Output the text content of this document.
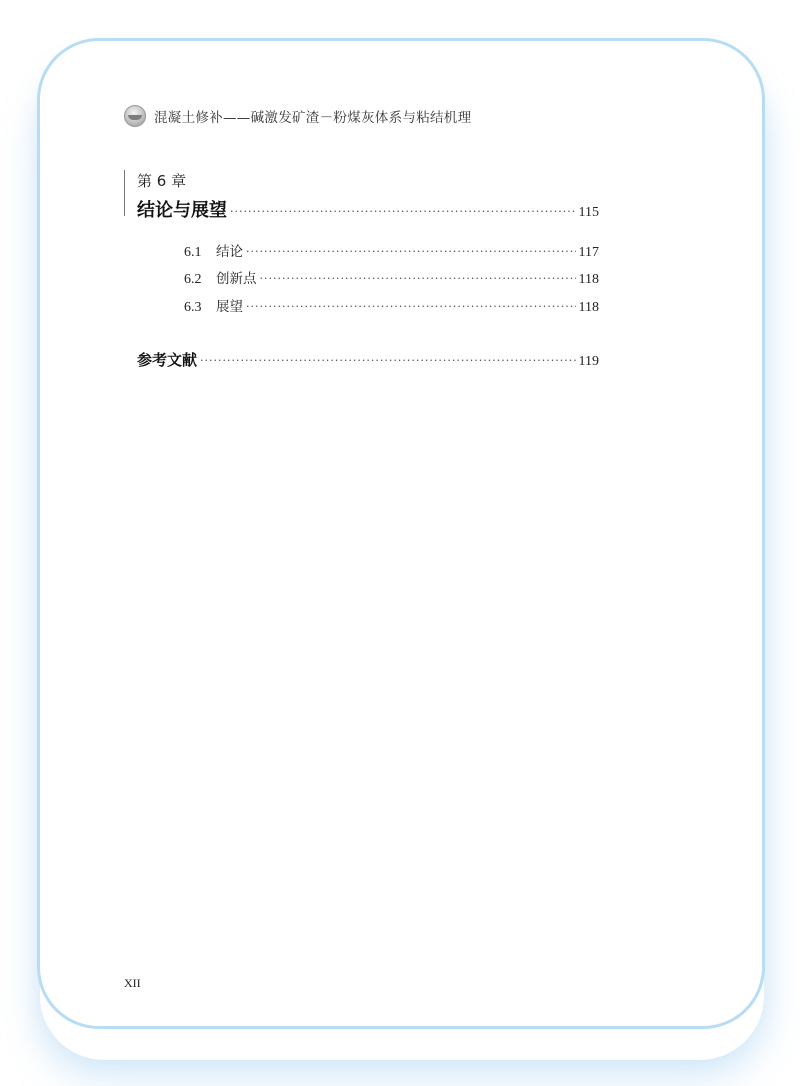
混凝土修补——碱激发矿渣－粉煤灰体系与粘结机理
第 6 章
结论与展望 ·····	115
6.1	结论 ·····	117
6.2	创新点 ·····	118
6.3	展望 ·····	118
参考文献 ·····	119
XII
